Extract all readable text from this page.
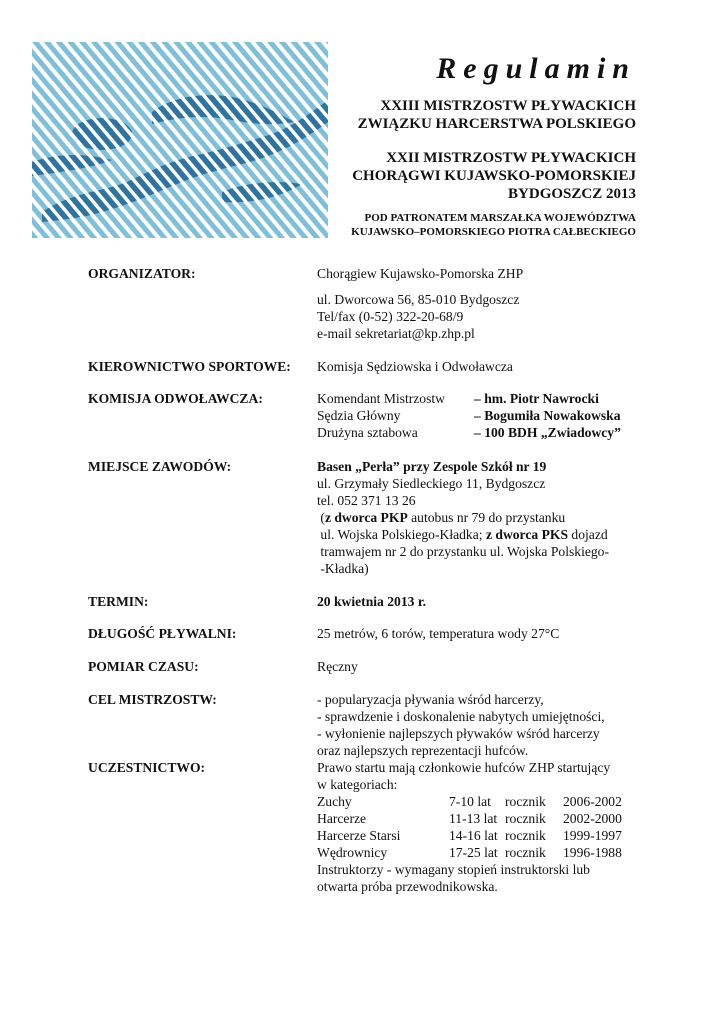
Regulamin
XXIII MISTRZOSTW PŁYWACKICH
ZWIĄZKU HARCERSTWA POLSKIEGO
XXII MISTRZOSTW PŁYWACKICH
CHORĄGWI KUJAWSKO-POMORSKIEJ
BYDGOSZCZ 2013
POD PATRONATEM MARSZAŁKA WOJEWÓDZTWA
KUJAWSKO–POMORSKIEGO PIOTRA CAŁBECKIEGO
ORGANIZATOR:	Chorągiew Kujawsko-Pomorska ZHP
ul. Dworcowa 56, 85-010 Bydgoszcz
Tel/fax (0-52) 322-20-68/9
e-mail sekretariat@kp.zhp.pl
KIEROWNICTWO SPORTOWE:	Komisja Sędziowska i Odwoławcza
KOMISJA ODWOŁAWCZA:	Komendant Mistrzostw – hm. Piotr Nawrocki
Sędzia Główny	– Bogumiła Nowakowska
Drużyna sztabowa	– 100 BDH „Zwiadowcy”
MIEJSCE ZAWODÓW:	Basen „Perła” przy Zespole Szkół nr 19
ul. Grzymały Siedleckiego 11, Bydgoszcz
tel. 052 371 13 26
(z dworca PKP autobus nr 79 do przystanku
ul. Wojska Polskiego-Kładka; z dworca PKS dojazd
tramwajem nr 2 do przystanku ul. Wojska Polskiego-
-Kładka)
TERMIN:	20 kwietnia 2013 r.
DŁUGOŚĆ PŁYWALNI:	25 metrów, 6 torów, temperatura wody 27°C
POMIAR CZASU:	Ręczny
CEL MISTRZOSTW:	- popularyzacja pływania wśród harcerzy,
- sprawdzenie i doskonalenie nabytych umiejętności,
- wyłonienie najlepszych pływaków wśród harcerzy
oraz najlepszych reprezentacji hufców.
UCZESTNICTWO:	Prawo startu mają członkowie hufców ZHP startujący
w kategoriach:
Zuchy	7-10 lat rocznik 2006-2002
Harcerze	11-13 lat rocznik 2002-2000
Harcerze Starsi	14-16 lat rocznik 1999-1997
Wędrownicy	17-25 lat rocznik 1996-1988
Instruktorzy - wymagany stopień instruktorski lub
otwarta próba przewodnikowska.
